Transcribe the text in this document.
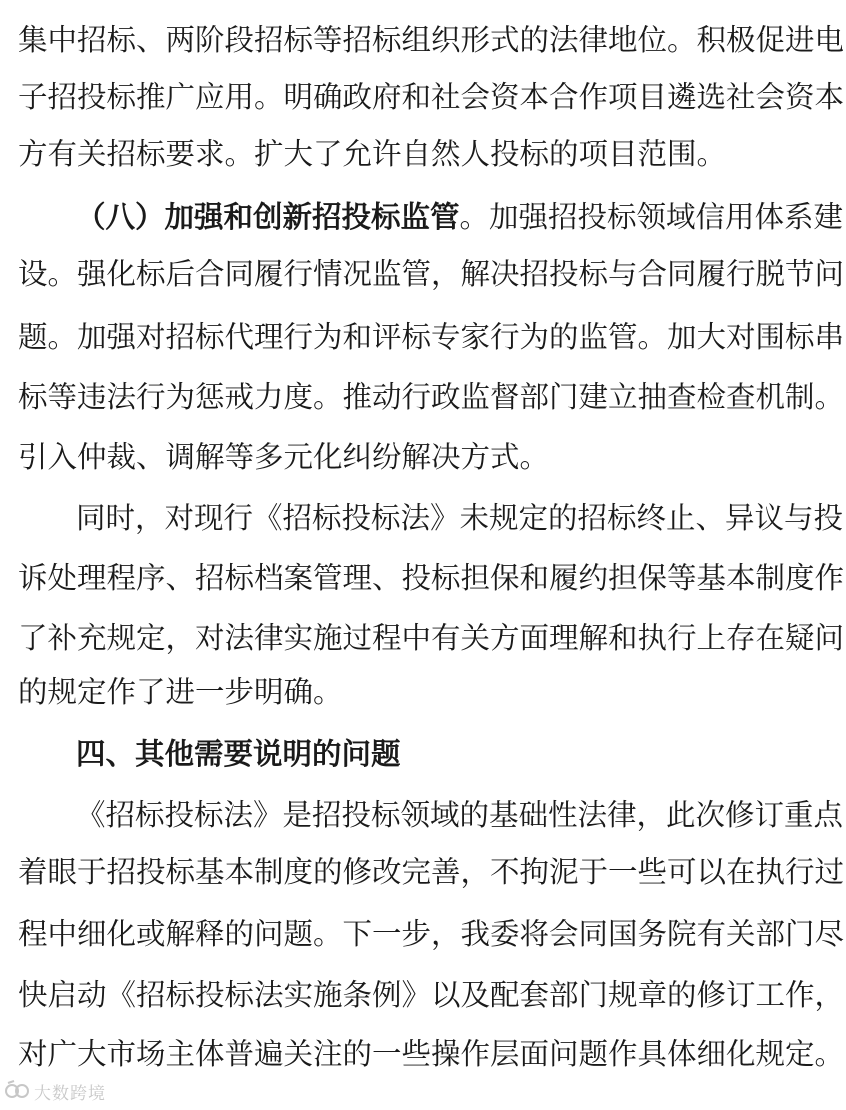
集中招标、两阶段招标等招标组织形式的法律地位。积极促进电
子招投标推广应用。明确政府和社会资本合作项目遴选社会资本
方有关招标要求。扩大了允许自然人投标的项目范围。
（八）加强和创新招投标监管。加强招投标领域信用体系建
设。强化标后合同履行情况监管，解决招投标与合同履行脱节问
题。加强对招标代理行为和评标专家行为的监管。加大对围标串
标等违法行为惩戒力度。推动行政监督部门建立抽查检查机制。
引入仲裁、调解等多元化纠纷解决方式。
同时，对现行《招标投标法》未规定的招标终止、异议与投
诉处理程序、招标档案管理、投标担保和履约担保等基本制度作
了补充规定，对法律实施过程中有关方面理解和执行上存在疑问
的规定作了进一步明确。
四、其他需要说明的问题
《招标投标法》是招投标领域的基础性法律，此次修订重点
着眼于招投标基本制度的修改完善，不拘泥于一些可以在执行过
程中细化或解释的问题。下一步，我委将会同国务院有关部门尽
快启动《招标投标法实施条例》以及配套部门规章的修订工作，
对广大市场主体普遍关注的一些操作层面问题作具体细化规定。
大数跨境
